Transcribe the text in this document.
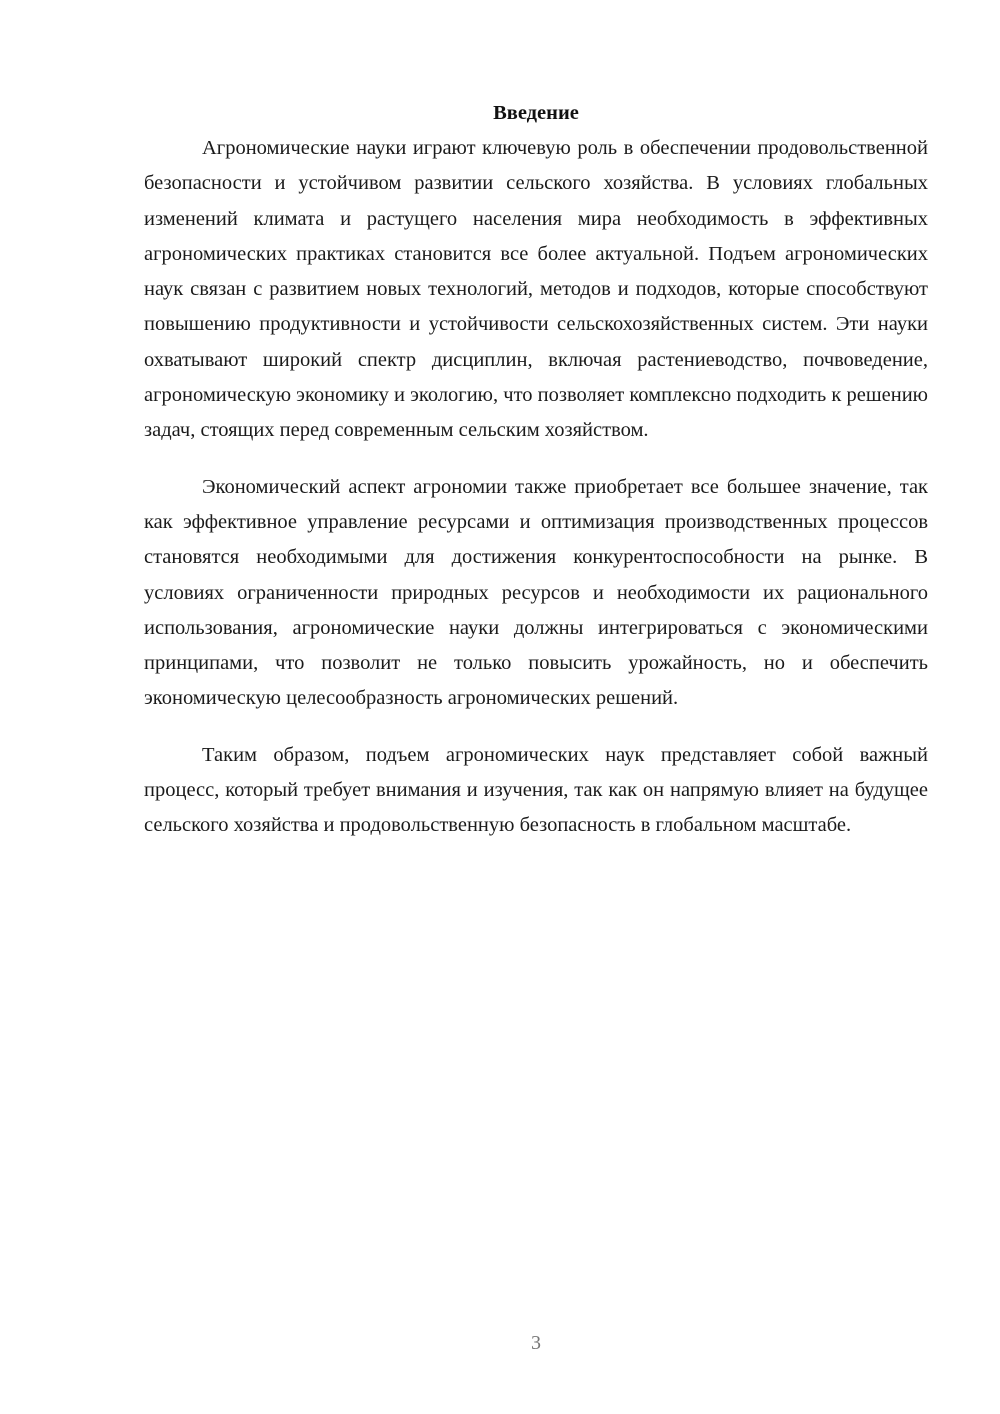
Введение

Агрономические науки играют ключевую роль в обеспечении продовольственной безопасности и устойчивом развитии сельского хозяйства. В условиях глобальных изменений климата и растущего населения мира необходимость в эффективных агрономических практиках становится все более актуальной. Подъем агрономических наук связан с развитием новых технологий, методов и подходов, которые способствуют повышению продуктивности и устойчивости сельскохозяйственных систем. Эти науки охватывают широкий спектр дисциплин, включая растениеводство, почвоведение, агрономическую экономику и экологию, что позволяет комплексно подходить к решению задач, стоящих перед современным сельским хозяйством.

Экономический аспект агрономии также приобретает все большее значение, так как эффективное управление ресурсами и оптимизация производственных процессов становятся необходимыми для достижения конкурентоспособности на рынке. В условиях ограниченности природных ресурсов и необходимости их рационального использования, агрономические науки должны интегрироваться с экономическими принципами, что позволит не только повысить урожайность, но и обеспечить экономическую целесообразность агрономических решений.

Таким образом, подъем агрономических наук представляет собой важный процесс, который требует внимания и изучения, так как он напрямую влияет на будущее сельского хозяйства и продовольственную безопасность в глобальном масштабе.

3
